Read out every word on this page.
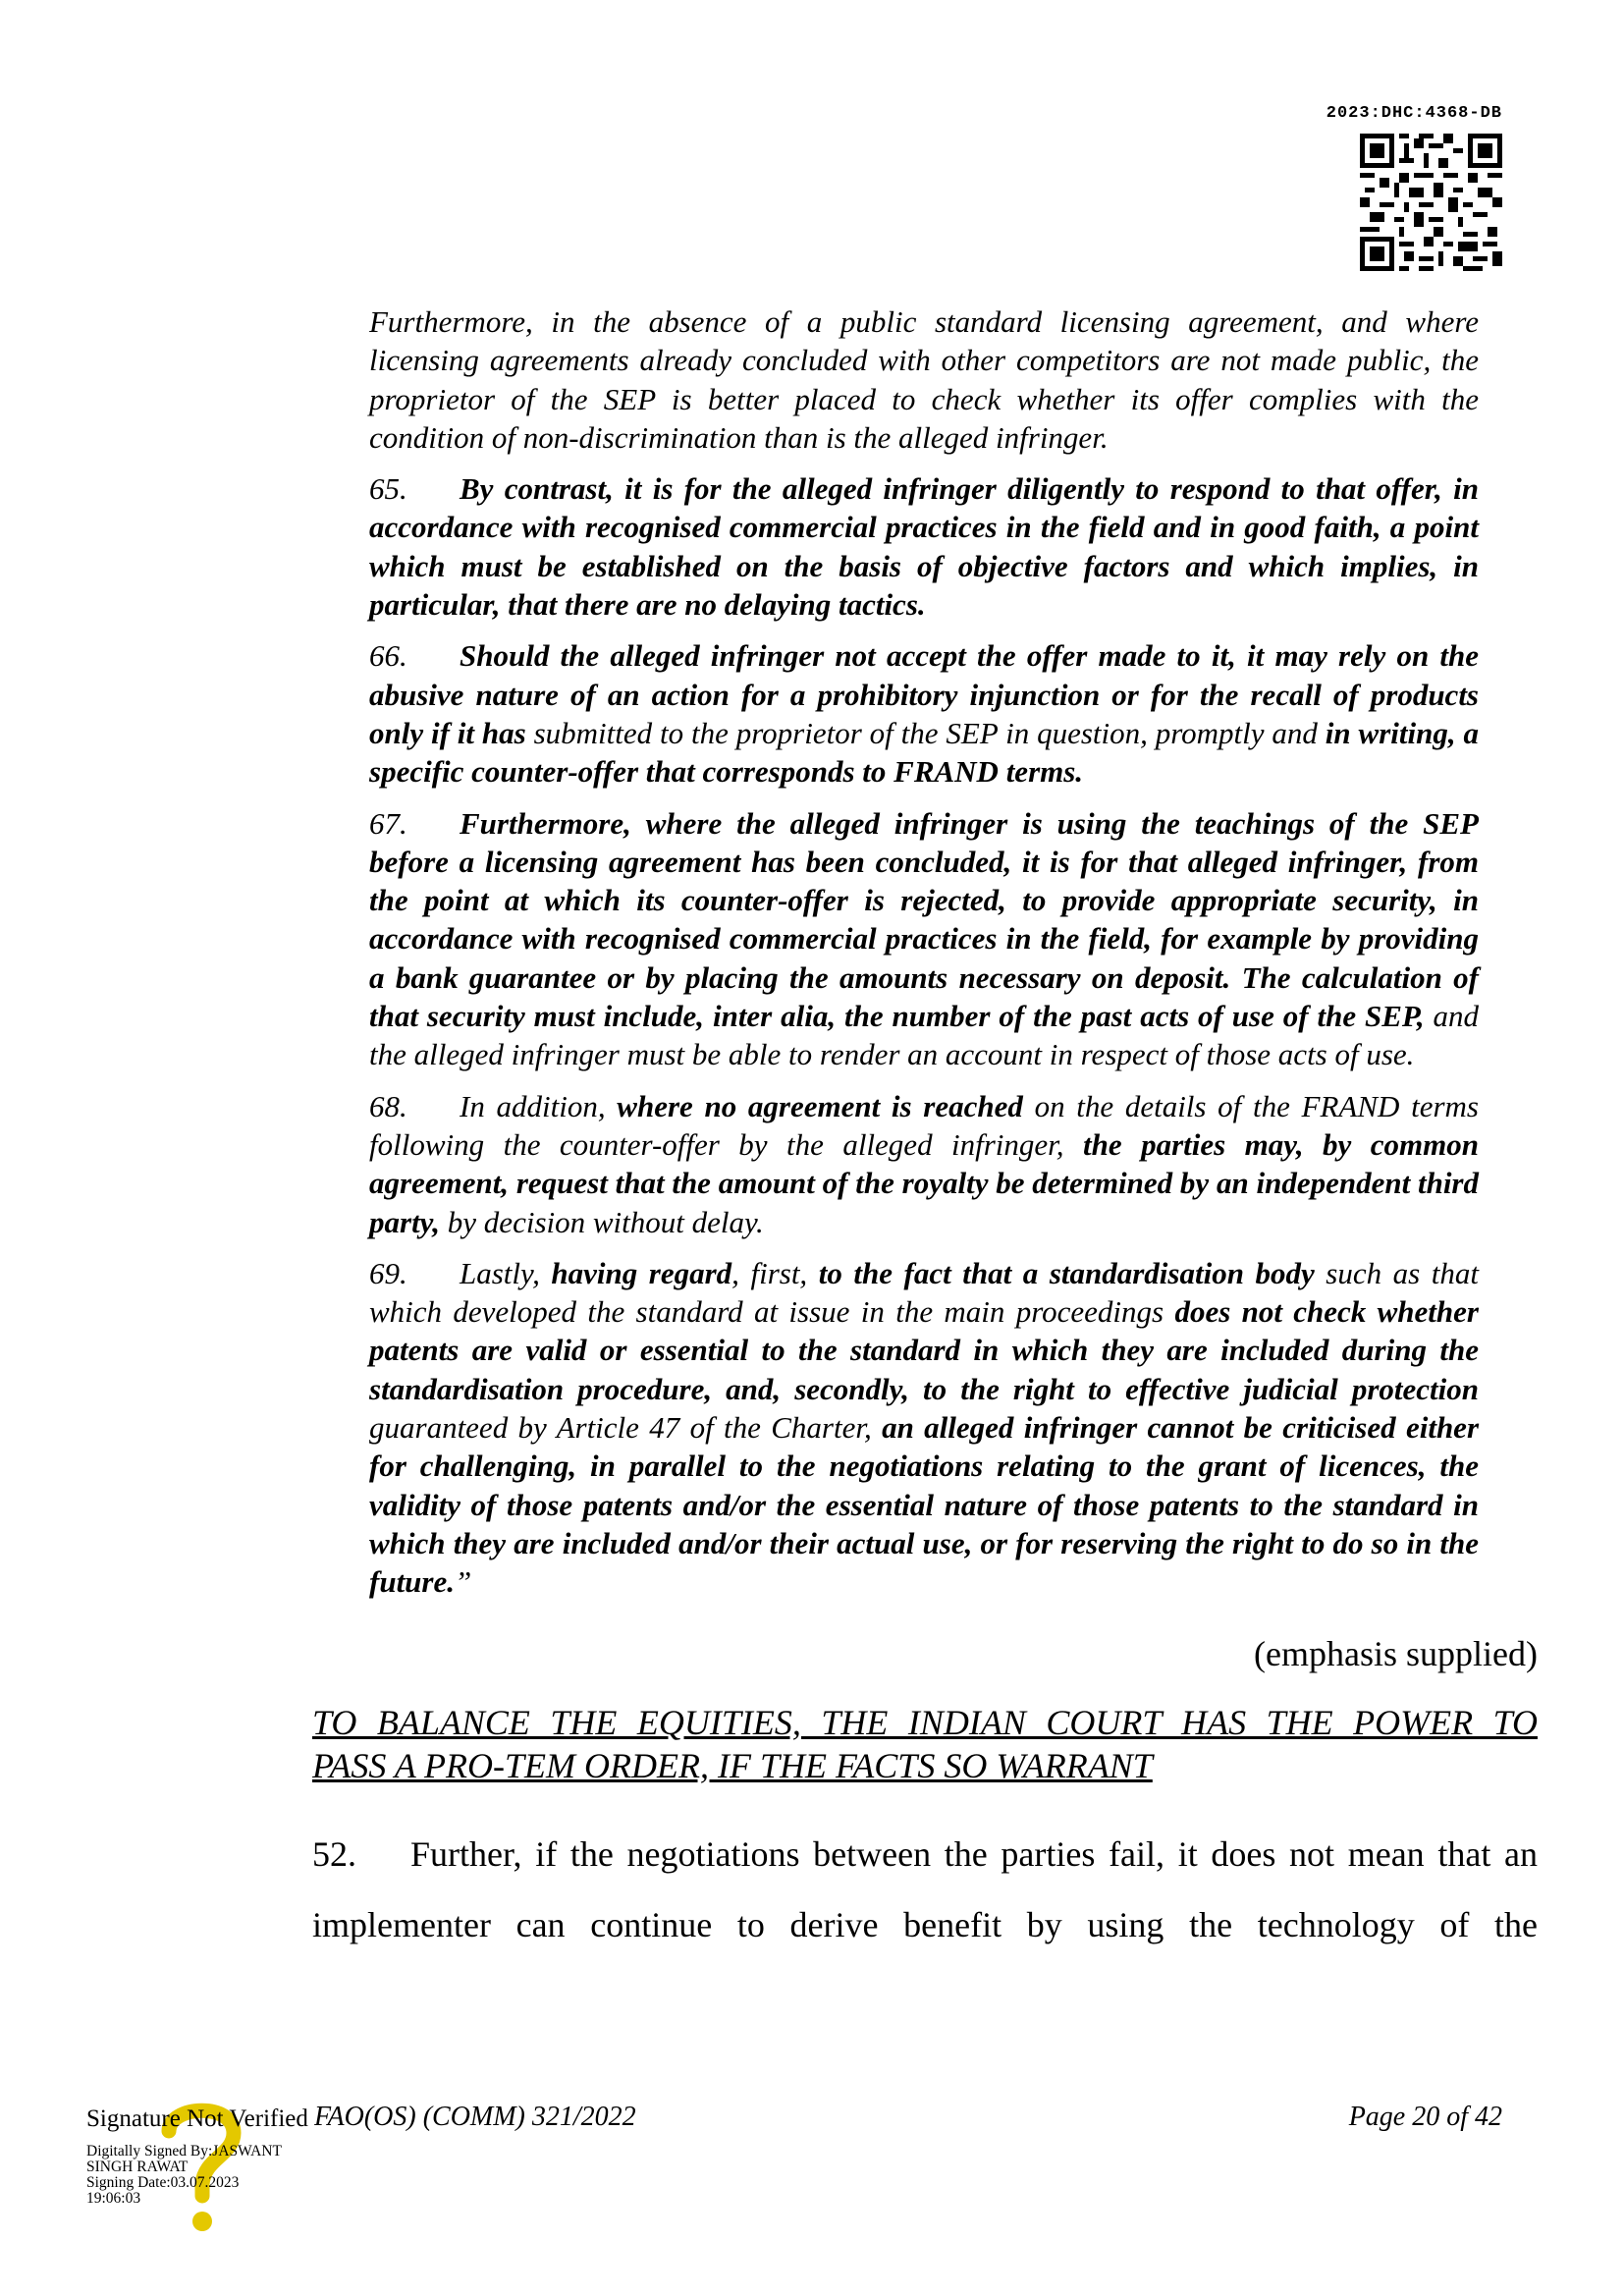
2023:DHC:4368-DB

Furthermore, in the absence of a public standard licensing agreement, and where licensing agreements already concluded with other competitors are not made public, the proprietor of the SEP is better placed to check whether its offer complies with the condition of non-discrimination than is the alleged infringer.

65. By contrast, it is for the alleged infringer diligently to respond to that offer, in accordance with recognised commercial practices in the field and in good faith, a point which must be established on the basis of objective factors and which implies, in particular, that there are no delaying tactics.

66. Should the alleged infringer not accept the offer made to it, it may rely on the abusive nature of an action for a prohibitory injunction or for the recall of products only if it has submitted to the proprietor of the SEP in question, promptly and in writing, a specific counter-offer that corresponds to FRAND terms.

67. Furthermore, where the alleged infringer is using the teachings of the SEP before a licensing agreement has been concluded, it is for that alleged infringer, from the point at which its counter-offer is rejected, to provide appropriate security, in accordance with recognised commercial practices in the field, for example by providing a bank guarantee or by placing the amounts necessary on deposit. The calculation of that security must include, inter alia, the number of the past acts of use of the SEP, and the alleged infringer must be able to render an account in respect of those acts of use.

68. In addition, where no agreement is reached on the details of the FRAND terms following the counter-offer by the alleged infringer, the parties may, by common agreement, request that the amount of the royalty be determined by an independent third party, by decision without delay.

69. Lastly, having regard, first, to the fact that a standardisation body such as that which developed the standard at issue in the main proceedings does not check whether patents are valid or essential to the standard in which they are included during the standardisation procedure, and, secondly, to the right to effective judicial protection guaranteed by Article 47 of the Charter, an alleged infringer cannot be criticised either for challenging, in parallel to the negotiations relating to the grant of licences, the validity of those patents and/or the essential nature of those patents to the standard in which they are included and/or their actual use, or for reserving the right to do so in the future.”

(emphasis supplied)
TO BALANCE THE EQUITIES, THE INDIAN COURT HAS THE POWER TO
PASS A PRO-TEM ORDER, IF THE FACTS SO WARRANT
52. Further, if the negotiations between the parties fail, it does not mean that an implementer can continue to derive benefit by using the technology of the
Signature Not Verified
Digitally Signed By:JASWANT
SINGH RAWAT
Signing Date:03.07.2023
19:06:03
FAO(OS) (COMM) 321/2022	Page 20 of 42
